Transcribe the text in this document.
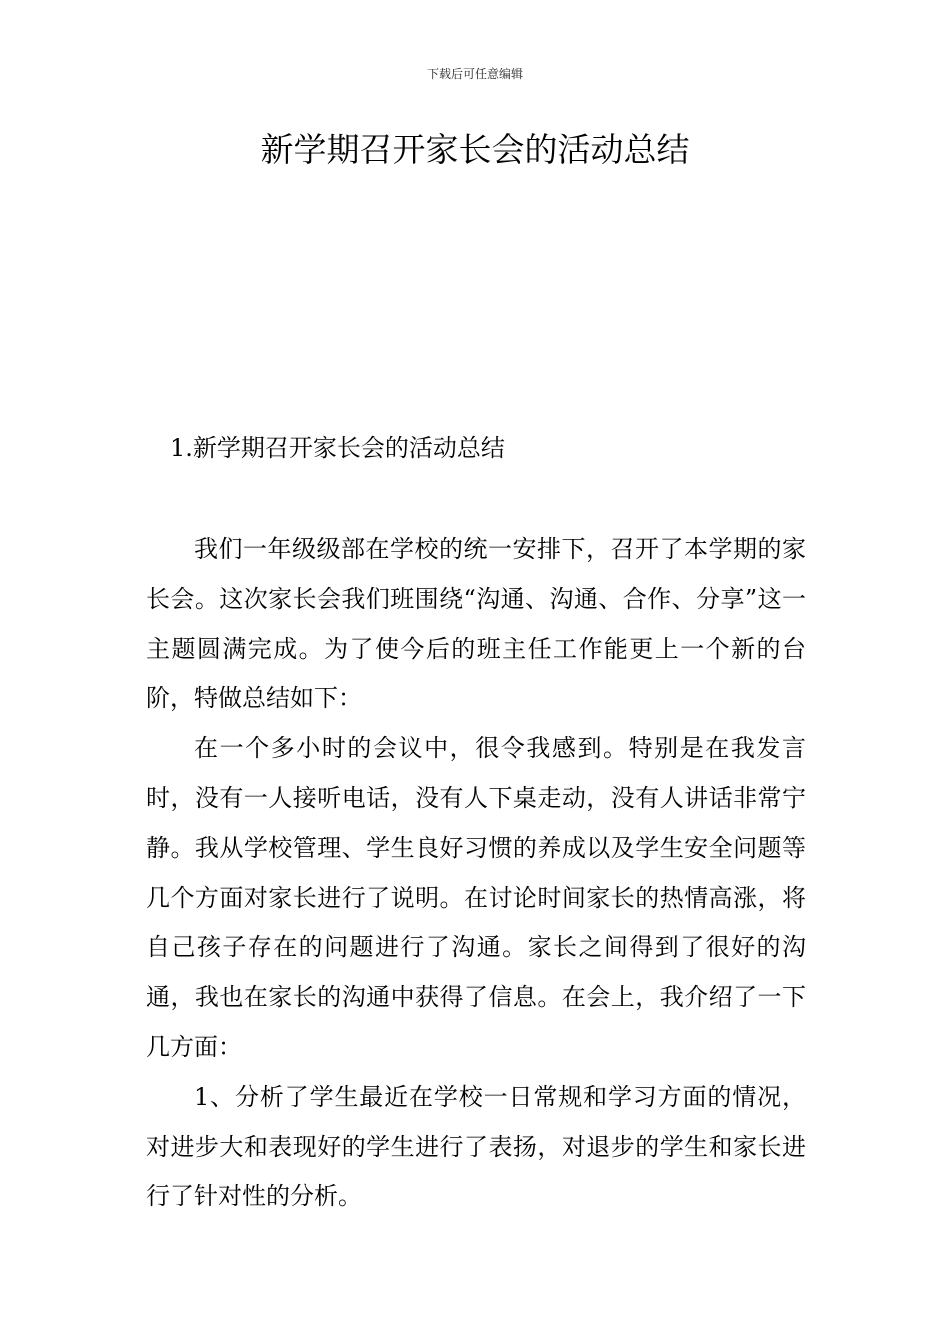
下载后可任意编辑
新学期召开家长会的活动总结
1.新学期召开家长会的活动总结

我们一年级级部在学校的统一安排下，召开了本学期的家长会。这次家长会我们班围绕“沟通、沟通、合作、分享”这一主题圆满完成。为了使今后的班主任工作能更上一个新的台阶，特做总结如下：

在一个多小时的会议中，很令我感到。特别是在我发言时，没有一人接听电话，没有人下桌走动，没有人讲话非常宁静。我从学校管理、学生良好习惯的养成以及学生安全问题等几个方面对家长进行了说明。在讨论时间家长的热情高涨，将自己孩子存在的问题进行了沟通。家长之间得到了很好的沟通，我也在家长的沟通中获得了信息。在会上，我介绍了一下几方面：

1、分析了学生最近在学校一日常规和学习方面的情况，对进步大和表现好的学生进行了表扬，对退步的学生和家长进行了针对性的分析。
